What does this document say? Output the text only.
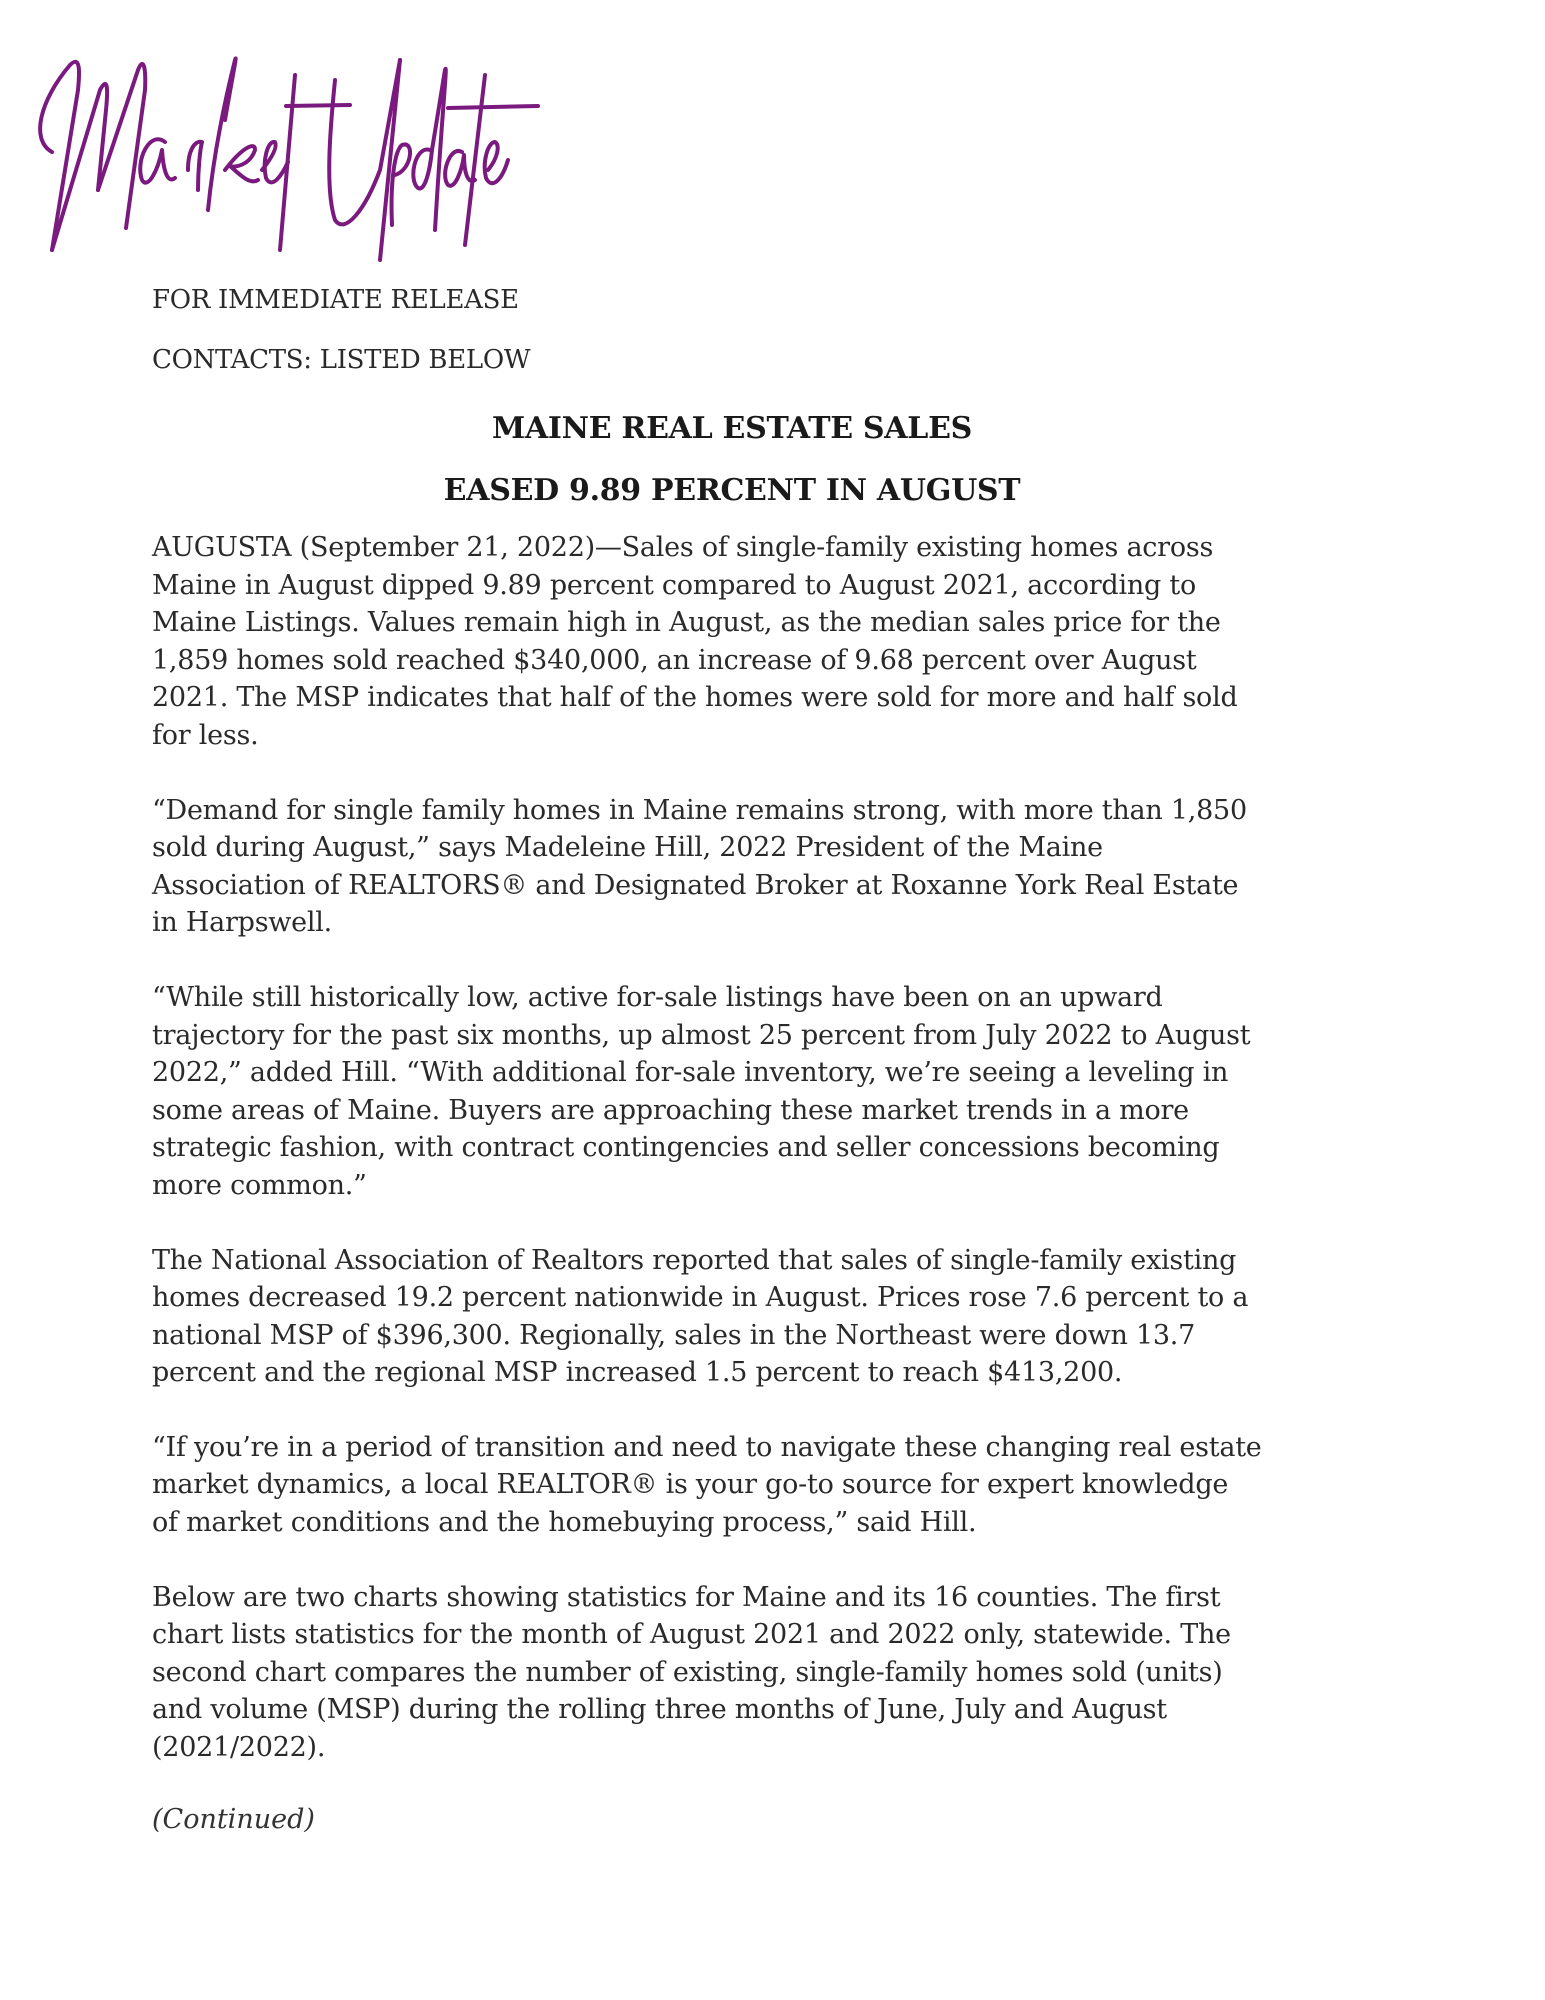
FOR IMMEDIATE RELEASE

CONTACTS: LISTED BELOW

MAINE REAL ESTATE SALES
EASED 9.89 PERCENT IN AUGUST
AUGUSTA (September 21, 2022)—Sales of single-family existing homes across
Maine in August dipped 9.89 percent compared to August 2021, according to
Maine Listings. Values remain high in August, as the median sales price for the
1,859 homes sold reached $340,000, an increase of 9.68 percent over August
2021. The MSP indicates that half of the homes were sold for more and half sold
for less.
“Demand for single family homes in Maine remains strong, with more than 1,850
sold during August,” says Madeleine Hill, 2022 President of the Maine
Association of REALTORS® and Designated Broker at Roxanne York Real Estate
in Harpswell.
“While still historically low, active for-sale listings have been on an upward
trajectory for the past six months, up almost 25 percent from July 2022 to August
2022,” added Hill. “With additional for-sale inventory, we’re seeing a leveling in
some areas of Maine. Buyers are approaching these market trends in a more
strategic fashion, with contract contingencies and seller concessions becoming
more common.”
The National Association of Realtors reported that sales of single-family existing
homes decreased 19.2 percent nationwide in August. Prices rose 7.6 percent to a
national MSP of $396,300. Regionally, sales in the Northeast were down 13.7
percent and the regional MSP increased 1.5 percent to reach $413,200.
“If you’re in a period of transition and need to navigate these changing real estate
market dynamics, a local REALTOR® is your go-to source for expert knowledge
of market conditions and the homebuying process,” said Hill.
Below are two charts showing statistics for Maine and its 16 counties. The first
chart lists statistics for the month of August 2021 and 2022 only, statewide. The
second chart compares the number of existing, single-family homes sold (units)
and volume (MSP) during the rolling three months of June, July and August
(2021/2022).

(Continued)
